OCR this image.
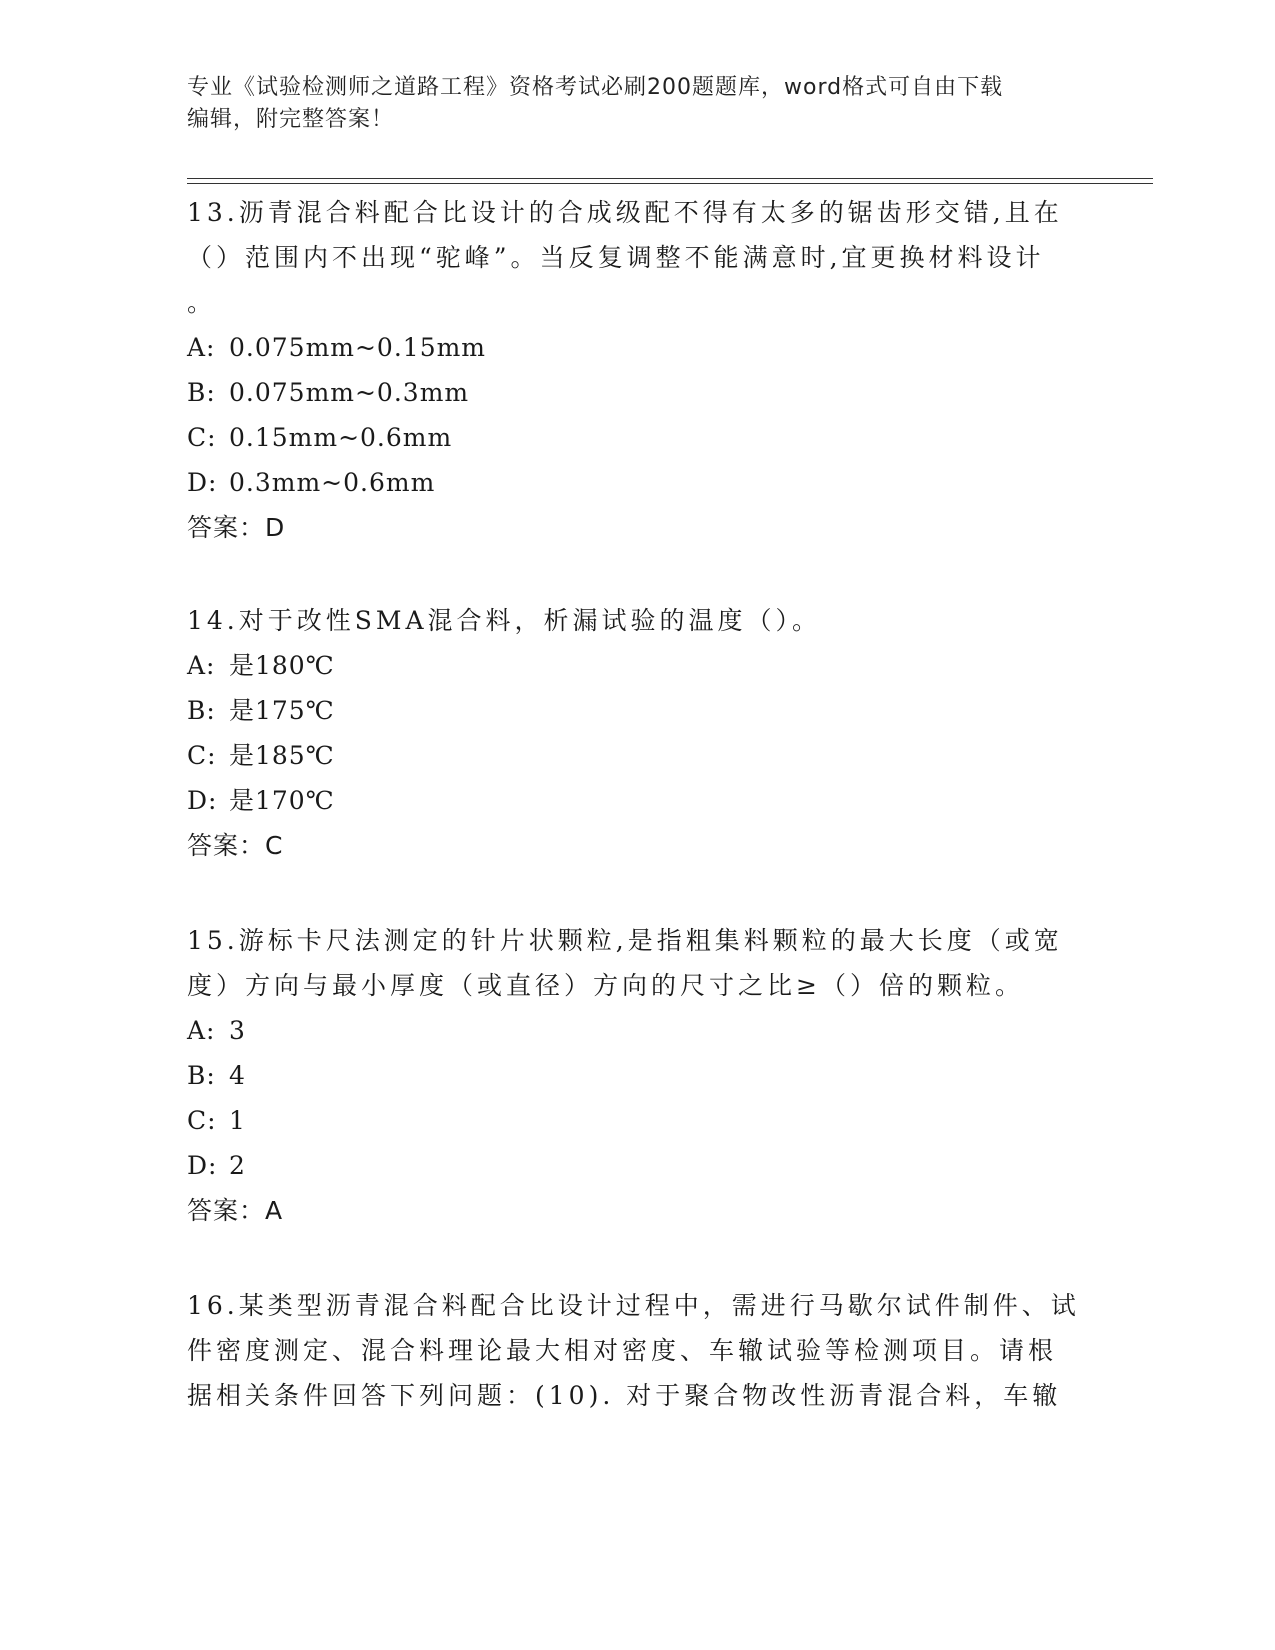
专业《试验检测师之道路工程》资格考试必刷200题题库，word格式可自由下载
编辑，附完整答案！

13.沥青混合料配合比设计的合成级配不得有太多的锯齿形交错,且在

（）范围内不出现“驼峰”。当反复调整不能满意时,宜更换材料设计

。

A: 0.075mm~0.15mm

B: 0.075mm~0.3mm

C: 0.15mm~0.6mm

D: 0.3mm~0.6mm

答案：D

14.对于改性SMA混合料，析漏试验的温度（）。

A: 是180℃

B: 是175℃

C: 是185℃

D: 是170℃

答案：C

15.游标卡尺法测定的针片状颗粒,是指粗集料颗粒的最大长度（或宽

度）方向与最小厚度（或直径）方向的尺寸之比≥（）倍的颗粒。

A: 3

B: 4

C: 1

D: 2

答案：A

16.某类型沥青混合料配合比设计过程中，需进行马歇尔试件制件、试

件密度测定、混合料理论最大相对密度、车辙试验等检测项目。请根

据相关条件回答下列问题：(10). 对于聚合物改性沥青混合料，车辙
